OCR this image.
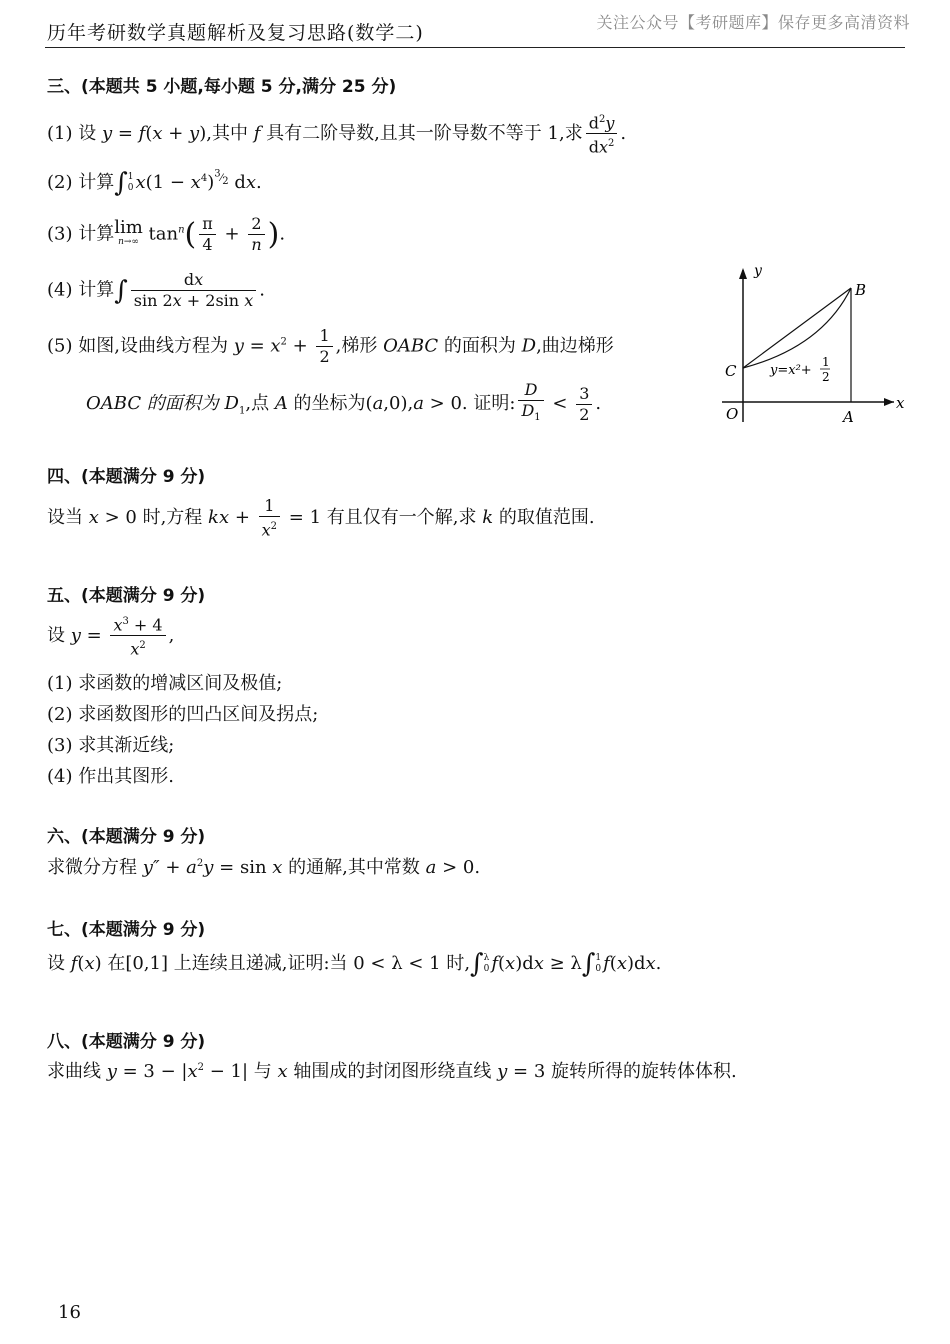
历年考研数学真题解析及复习思路(数学二)	关注公众号【考研题库】保存更多高清资料
三、(本题共 5 小题,每小题 5 分,满分 25 分)
(1) 设 y = f(x + y),其中 f 具有二阶导数,且其一阶导数不等于 1,求 $\frac{d^2y}{dx^2}$ .
(2) 计算∫1
0 $x(1 - x^4)^{^3⁄_2}$ dx.
(3) 计算lim
n→∞ $\tan^n( \frac{\pi}{4} + \frac{2}{n}$ ).
(4) 计算∫ $\frac{dx}{\text{sin 2x + 2sin x}}$ .
(5) 如图,设曲线方程为 $y = x^2 + \frac{1}{2}$ ,梯形 OABC 的面积为 D,曲边梯形
OABC 的面积为 $D_1$,点 A 的坐标为(a,0),a > 0. 证明: $\frac{D}{D_1} < \frac{3}{2}$ .
y
x
O	A
B
C	y=x²+
1
2
四、(本题满分 9 分)
设当 x > 0 时,方程 kx + $\frac{1}{x^2} = 1$ 有且仅有一个解,求 k 的取值范围.
五、(本题满分 9 分)
设 $y = \frac{x^3 + 4}{x^2}$ ,
(1) 求函数的增减区间及极值;
(2) 求函数图形的凹凸区间及拐点;
(3) 求其渐近线;
(4) 作出其图形.
六、(本题满分 9 分)
求微分方程 $y'' + a^2y = \sin x$ 的通解,其中常数 a > 0.
七、(本题满分 9 分)
设 f(x) 在[0,1] 上连续且递减,证明:当 0 < λ < 1 时,∫λ
0 f(x)dx ≥ λ∫1
0 f(x)dx.
八、(本题满分 9 分)
求曲线 $y = 3 - |x^2 - 1|$ 与 x 轴围成的封闭图形绕直线 y = 3 旋转所得的旋转体体积.
16
